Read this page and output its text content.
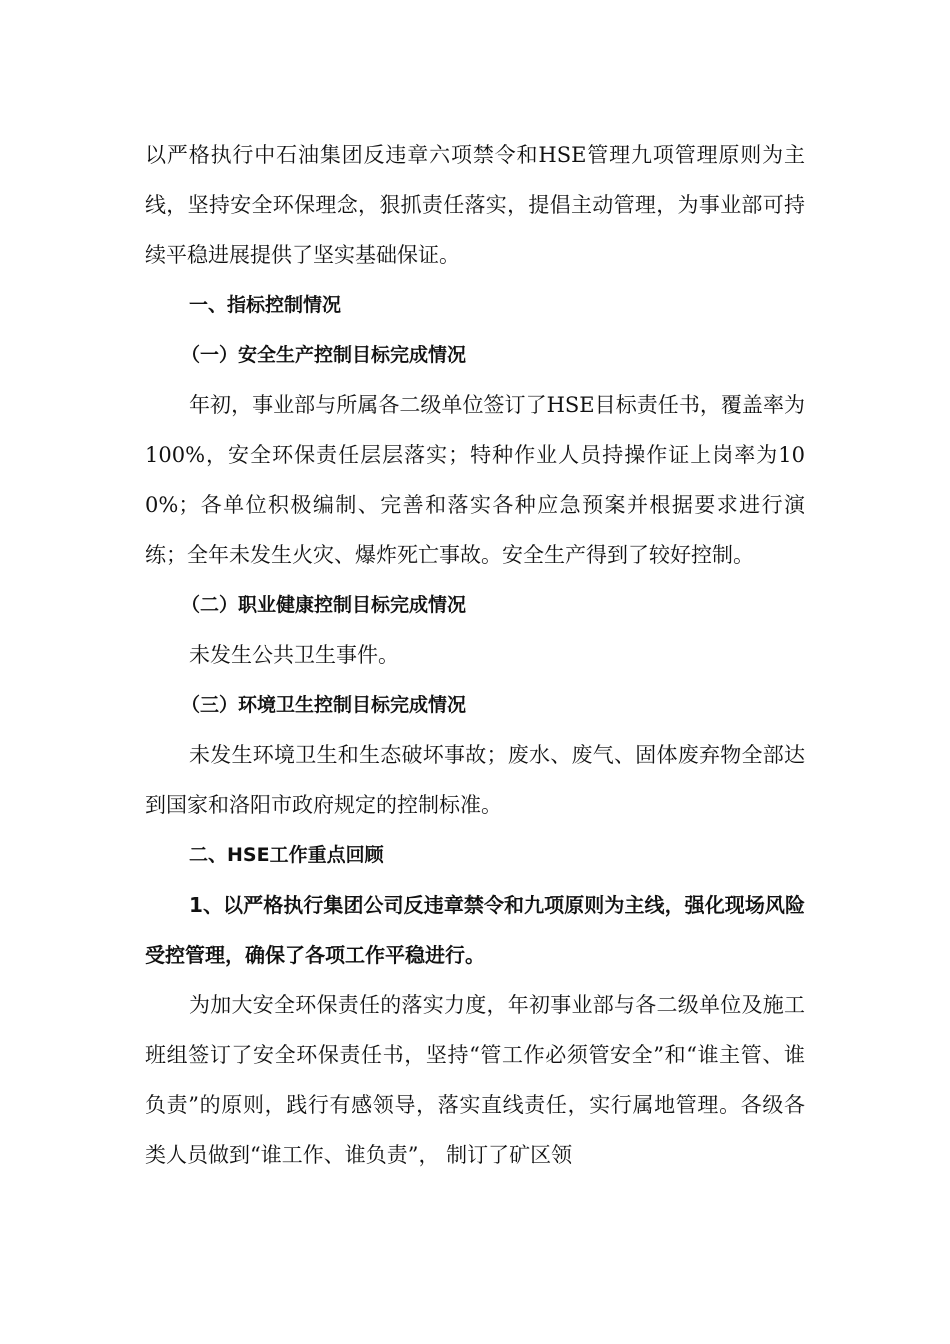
以严格执行中石油集团反违章六项禁令和HSE管理九项管理原则为主线，坚持安全环保理念，狠抓责任落实，提倡主动管理，为事业部可持续平稳进展提供了坚实基础保证。

一、指标控制情况

（一）安全生产控制目标完成情况

年初，事业部与所属各二级单位签订了HSE目标责任书，覆盖率为100%，安全环保责任层层落实；特种作业人员持操作证上岗率为100%；各单位积极编制、完善和落实各种应急预案并根据要求进行演练；全年未发生火灾、爆炸死亡事故。安全生产得到了较好控制。

（二）职业健康控制目标完成情况

未发生公共卫生事件。

（三）环境卫生控制目标完成情况

未发生环境卫生和生态破坏事故；废水、废气、固体废弃物全部达到国家和洛阳市政府规定的控制标准。

二、HSE工作重点回顾

1、以严格执行集团公司反违章禁令和九项原则为主线，强化现场风险受控管理，确保了各项工作平稳进行。

为加大安全环保责任的落实力度，年初事业部与各二级单位及施工班组签订了安全环保责任书，坚持“管工作必须管安全”和“谁主管、谁负责”的原则，践行有感领导，落实直线责任，实行属地管理。各级各类人员做到“谁工作、谁负责”， 制订了矿区领
